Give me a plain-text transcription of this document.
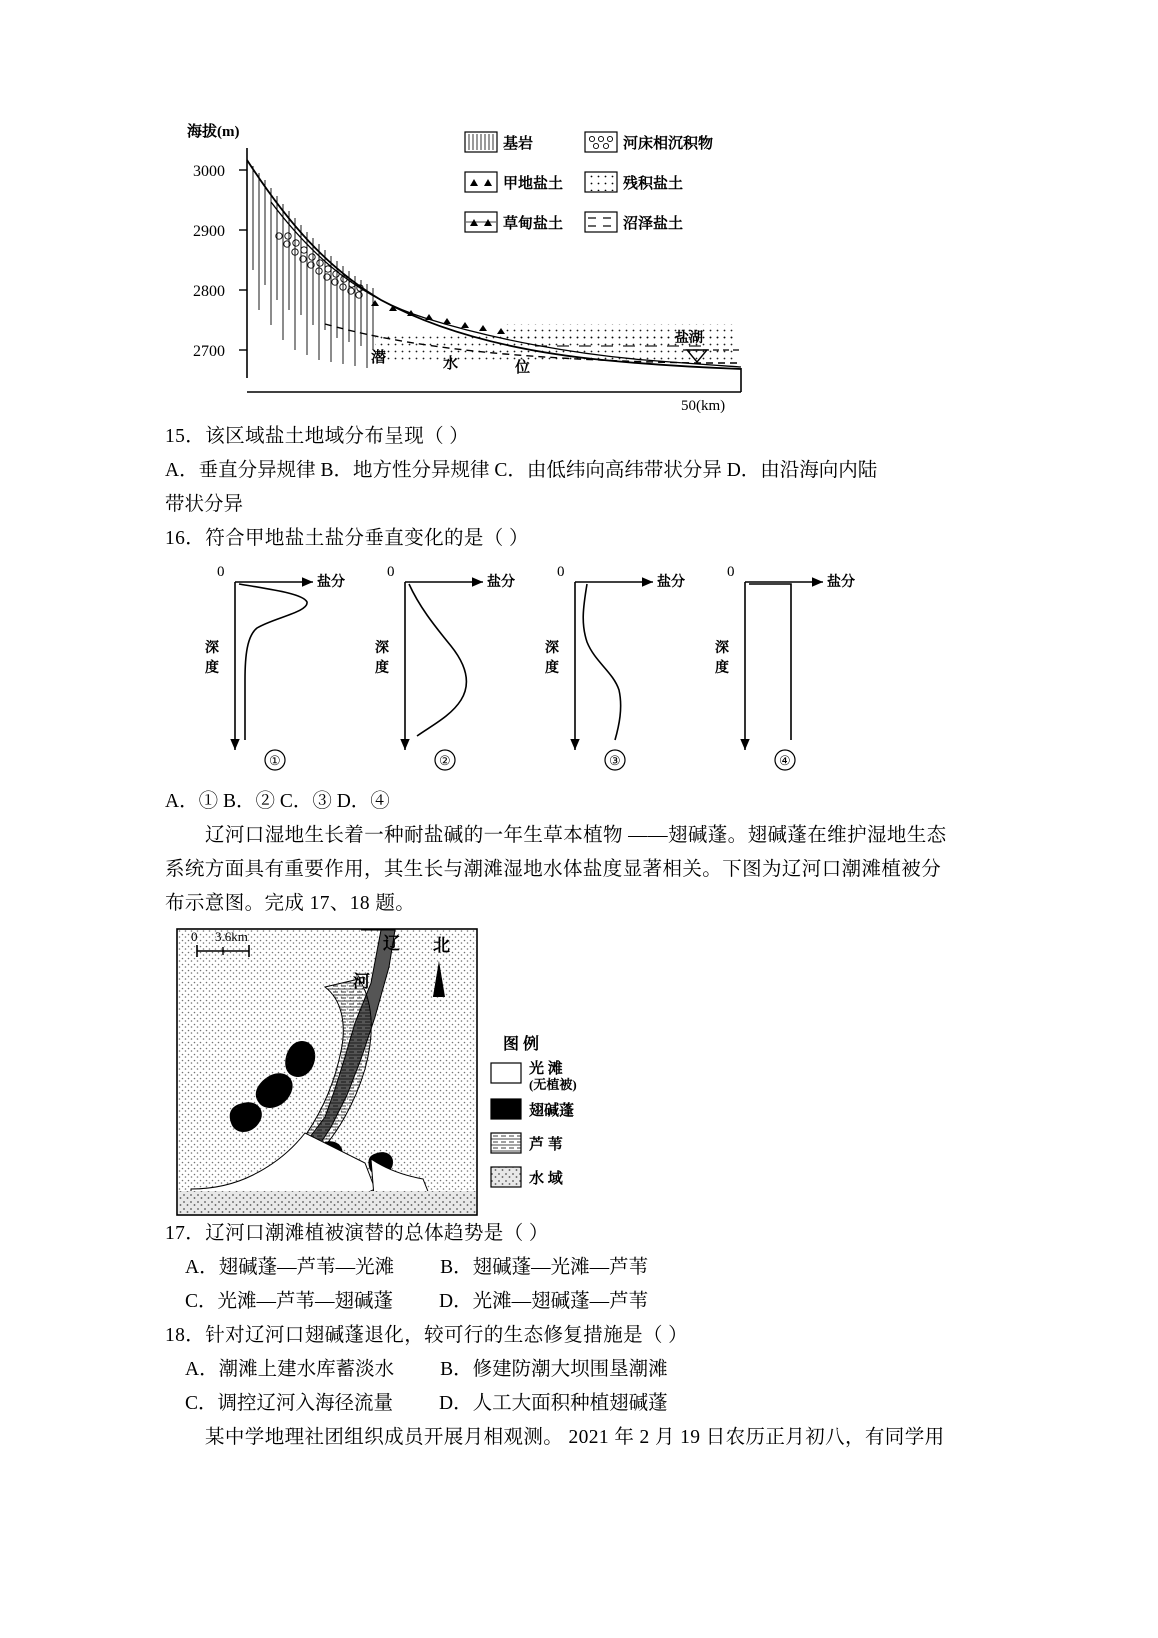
海拔(m)
3000
2900
2800
2700	潜	水	位
盐湖
50(km)
基岩	河床相沉积物
甲地盐土	残积盐土
草甸盐土	沼泽盐土

15．该区域盐土地域分布呈现（ ）

A．垂直分异规律 B．地方性分异规律 C．由低纬向高纬带状分异 D．由沿海向内陆

带状分异

16．符合甲地盐土盐分垂直变化的是（ ）

0
盐分
深
度
①
0
盐分
深
度
②
0
盐分
深
度
③
0
盐分
深
度
④

A．① B．② C．③ D．④

辽河口湿地生长着一种耐盐碱的一年生草本植物 ——翅碱蓬。翅碱蓬在维护湿地生态

系统方面具有重要作用，其生长与潮滩湿地水体盐度显著相关。下图为辽河口潮滩植被分

布示意图。完成 17、18 题。

0 3.6km	辽
河
北
图 例
光 滩
(无植被)
翅碱蓬
芦 苇
水 域

17．辽河口潮滩植被演替的总体趋势是（ ）

A．翅碱蓬—芦苇—光滩 B．翅碱蓬—光滩—芦苇

C．光滩—芦苇—翅碱蓬 D．光滩—翅碱蓬—芦苇

18．针对辽河口翅碱蓬退化，较可行的生态修复措施是（ ）

A．潮滩上建水库蓄淡水 B．修建防潮大坝围垦潮滩

C．调控辽河入海径流量 D．人工大面积种植翅碱蓬

某中学地理社团组织成员开展月相观测。 2021 年 2 月 19 日农历正月初八，有同学用
